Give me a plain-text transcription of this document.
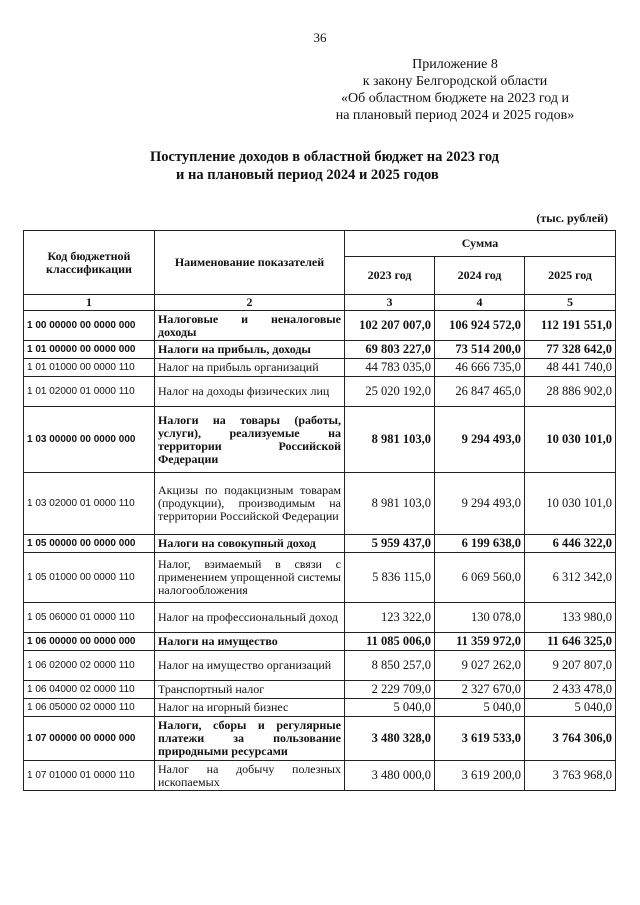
36
Приложение 8
к закону Белгородской области
«Об областном бюджете на 2023 год и
на плановый период 2024 и 2025 годов»
Поступление доходов в областной бюджет на 2023 год
и на плановый период 2024 и 2025 годов
(тыс. рублей)
Код бюджетной классификации	Наименование показателей	Сумма		
		2023 год	2024 год	2025 год
1	2	3	4	5
1 00 00000 00 0000 000	Налоговые и неналоговые доходы	102 207 007,0	106 924 572,0	112 191 551,0
1 01 00000 00 0000 000	Налоги на прибыль, доходы	69 803 227,0	73 514 200,0	77 328 642,0
1 01 01000 00 0000 110	Налог на прибыль организаций	44 783 035,0	46 666 735,0	48 441 740,0
1 01 02000 01 0000 110	Налог на доходы физических лиц	25 020 192,0	26 847 465,0	28 886 902,0
1 03 00000 00 0000 000	Налоги на товары (работы, услуги), реализуемые на территории Российской Федерации	8 981 103,0	9 294 493,0	10 030 101,0
1 03 02000 01 0000 110	Акцизы по подакцизным товарам (продукции), производимым на территории Российской Федерации	8 981 103,0	9 294 493,0	10 030 101,0
1 05 00000 00 0000 000	Налоги на совокупный доход	5 959 437,0	6 199 638,0	6 446 322,0
1 05 01000 00 0000 110	Налог, взимаемый в связи с применением упрощенной системы налогообложения	5 836 115,0	6 069 560,0	6 312 342,0
1 05 06000 01 0000 110	Налог на профессиональный доход	123 322,0	130 078,0	133 980,0
1 06 00000 00 0000 000	Налоги на имущество	11 085 006,0	11 359 972,0	11 646 325,0
1 06 02000 02 0000 110	Налог на имущество организаций	8 850 257,0	9 027 262,0	9 207 807,0
1 06 04000 02 0000 110	Транспортный налог	2 229 709,0	2 327 670,0	2 433 478,0
1 06 05000 02 0000 110	Налог на игорный бизнес	5 040,0	5 040,0	5 040,0
1 07 00000 00 0000 000	Налоги, сборы и регулярные платежи за пользование природными ресурсами	3 480 328,0	3 619 533,0	3 764 306,0
1 07 01000 01 0000 110	Налог на добычу полезных ископаемых	3 480 000,0	3 619 200,0	3 763 968,0
